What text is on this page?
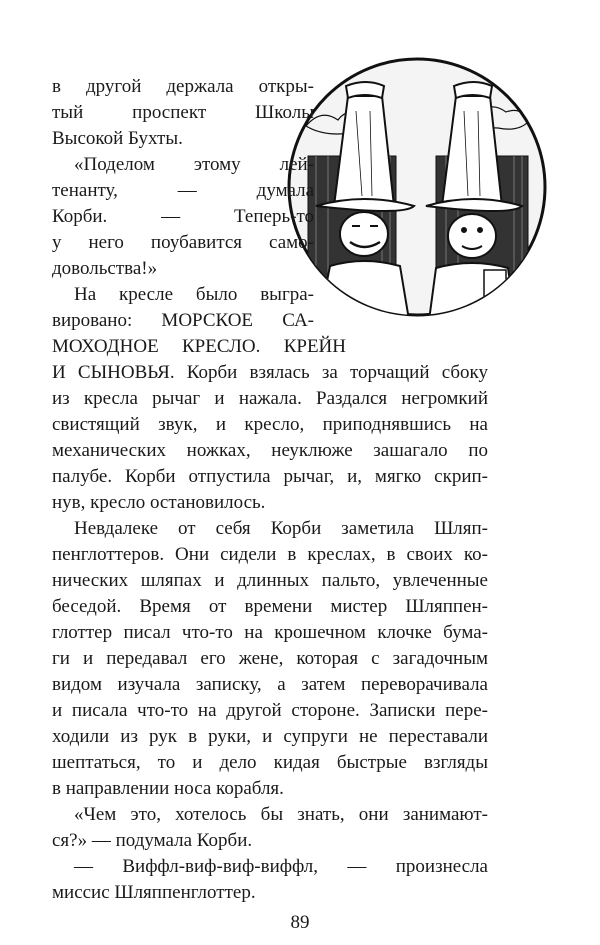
в другой держала откры-
тый проспект Школы
Высокой Бухты.
«Поделом этому лей-
тенанту, — думала
Корби. — Теперь-то
у него поубавится само-
довольства!»
На кресле было выгра-
вировано: МОРСКОЕ СА-
МОХОДНОЕ КРЕСЛО. КРЕЙН
И СЫНОВЬЯ. Корби взялась за торчащий сбоку
из кресла рычаг и нажала. Раздался негромкий
свистящий звук, и кресло, приподнявшись на
механических ножках, неуклюже зашагало по
палубе. Корби отпустила рычаг, и, мягко скрип-
нув, кресло остановилось.
Невдалеке от себя Корби заметила Шляп-
пенглоттеров. Они сидели в креслах, в своих ко-
нических шляпах и длинных пальто, увлеченные
беседой. Время от времени мистер Шляппен-
глоттер писал что-то на крошечном клочке бума-
ги и передавал его жене, которая с загадочным
видом изучала записку, а затем переворачивала
и писала что-то на другой стороне. Записки пере-
ходили из рук в руки, и супруги не переставали
шептаться, то и дело кидая быстрые взгляды
в направлении носа корабля.
«Чем это, хотелось бы знать, они занимают-
ся?» — подумала Корби.
— Виффл-виф-виф-виффл, — произнесла
миссис Шляппенглоттер.
89
